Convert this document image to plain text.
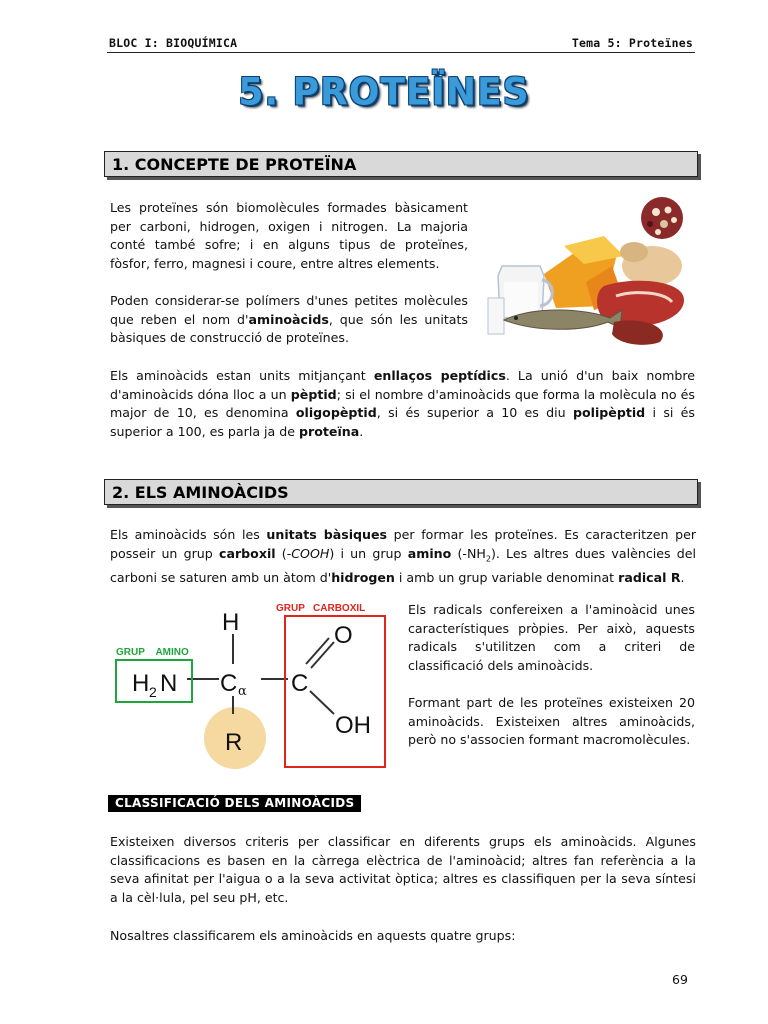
BLOC I: BIOQUÍMICA	Tema 5: Proteïnes
5. PROTEÏNES
1. CONCEPTE DE PROTEÏNA
Les proteïnes són biomolècules formades bàsicament per carboni, hidrogen, oxigen i nitrogen. La majoria conté també sofre; i en alguns tipus de proteïnes, fòsfor, ferro, magnesi i coure, entre altres elements.
Poden considerar-se polímers d'unes petites molècules que reben el nom d'aminoàcids, que són les unitats bàsiques de construcció de proteïnes.
Els aminoàcids estan units mitjançant enllaços peptídics. La unió d'un baix nombre d'aminoàcids dóna lloc a un pèptid; si el nombre d'aminoàcids que forma la molècula no és major de 10, es denomina oligopèptid, si és superior a 10 es diu polipèptid i si és superior a 100, es parla ja de proteïna.
2. ELS AMINOÀCIDS
Els aminoàcids són les unitats bàsiques per formar les proteïnes. Es caracteritzen per posseir un grup carboxil (-COOH) i un grup amino $(-NH_2)$. Les altres dues valències del carboni se saturen amb un àtom d'hidrogen i amb un grup variable denominat radical R.
GRUP   CARBOXIL
GRUP    AMINO
H
H 2 N C α C
O
OH
R
Els radicals confereixen a l'aminoàcid unes característiques pròpies. Per això, aquests radicals s'utilitzen com a criteri de classificació dels aminoàcids.
Formant part de les proteïnes existeixen 20 aminoàcids. Existeixen altres aminoàcids, però no s'associen formant macromolècules.
CLASSIFICACIÓ DELS AMINOÀCIDS
Existeixen diversos criteris per classificar en diferents grups els aminoàcids. Algunes classificacions es basen en la càrrega elèctrica de l'aminoàcid; altres fan referència a la seva afinitat per l'aigua o a la seva activitat òptica; altres es classifiquen per la seva síntesi a la cèl·lula, pel seu pH, etc.
Nosaltres classificarem els aminoàcids en aquests quatre grups:
69
